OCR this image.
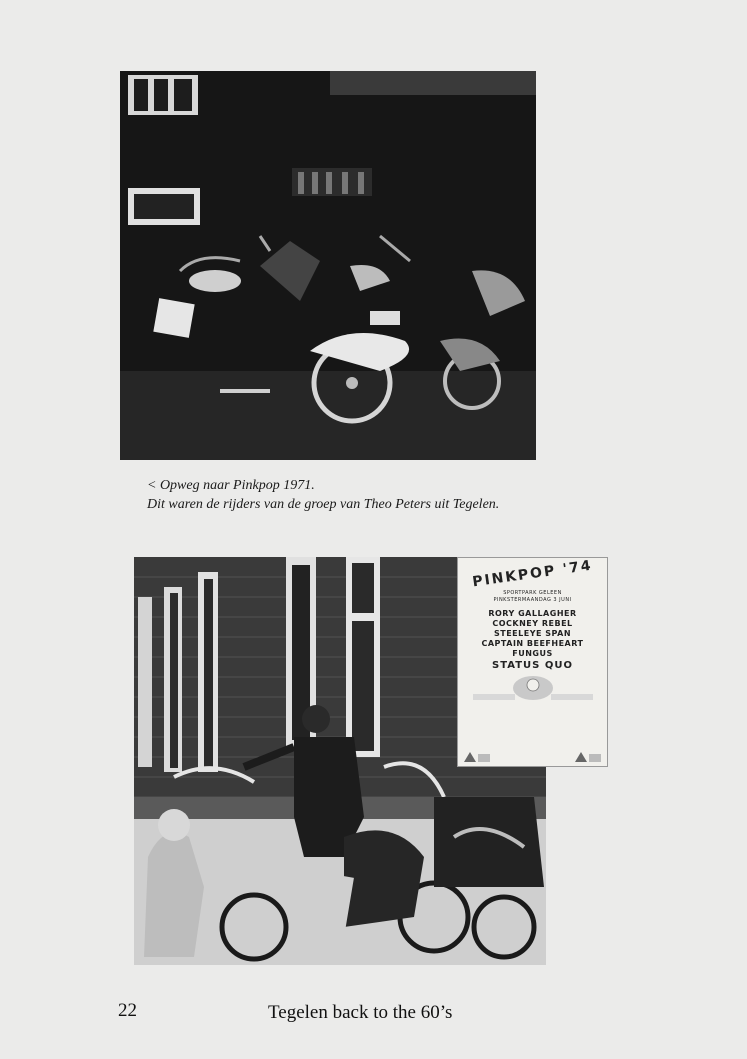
< Opweg naar Pinkpop 1971.
Dit waren de rijders van de groep van Theo Peters uit Tegelen.
PINKPOP '74
SPORTPARK GELEEN
PINKSTERMAANDAG 3 JUNI
RORY GALLAGHER
COCKNEY REBEL
STEELEYE SPAN
CAPTAIN BEEFHEART
FUNGUS
STATUS QUO
22	Tegelen back to the 60’s
